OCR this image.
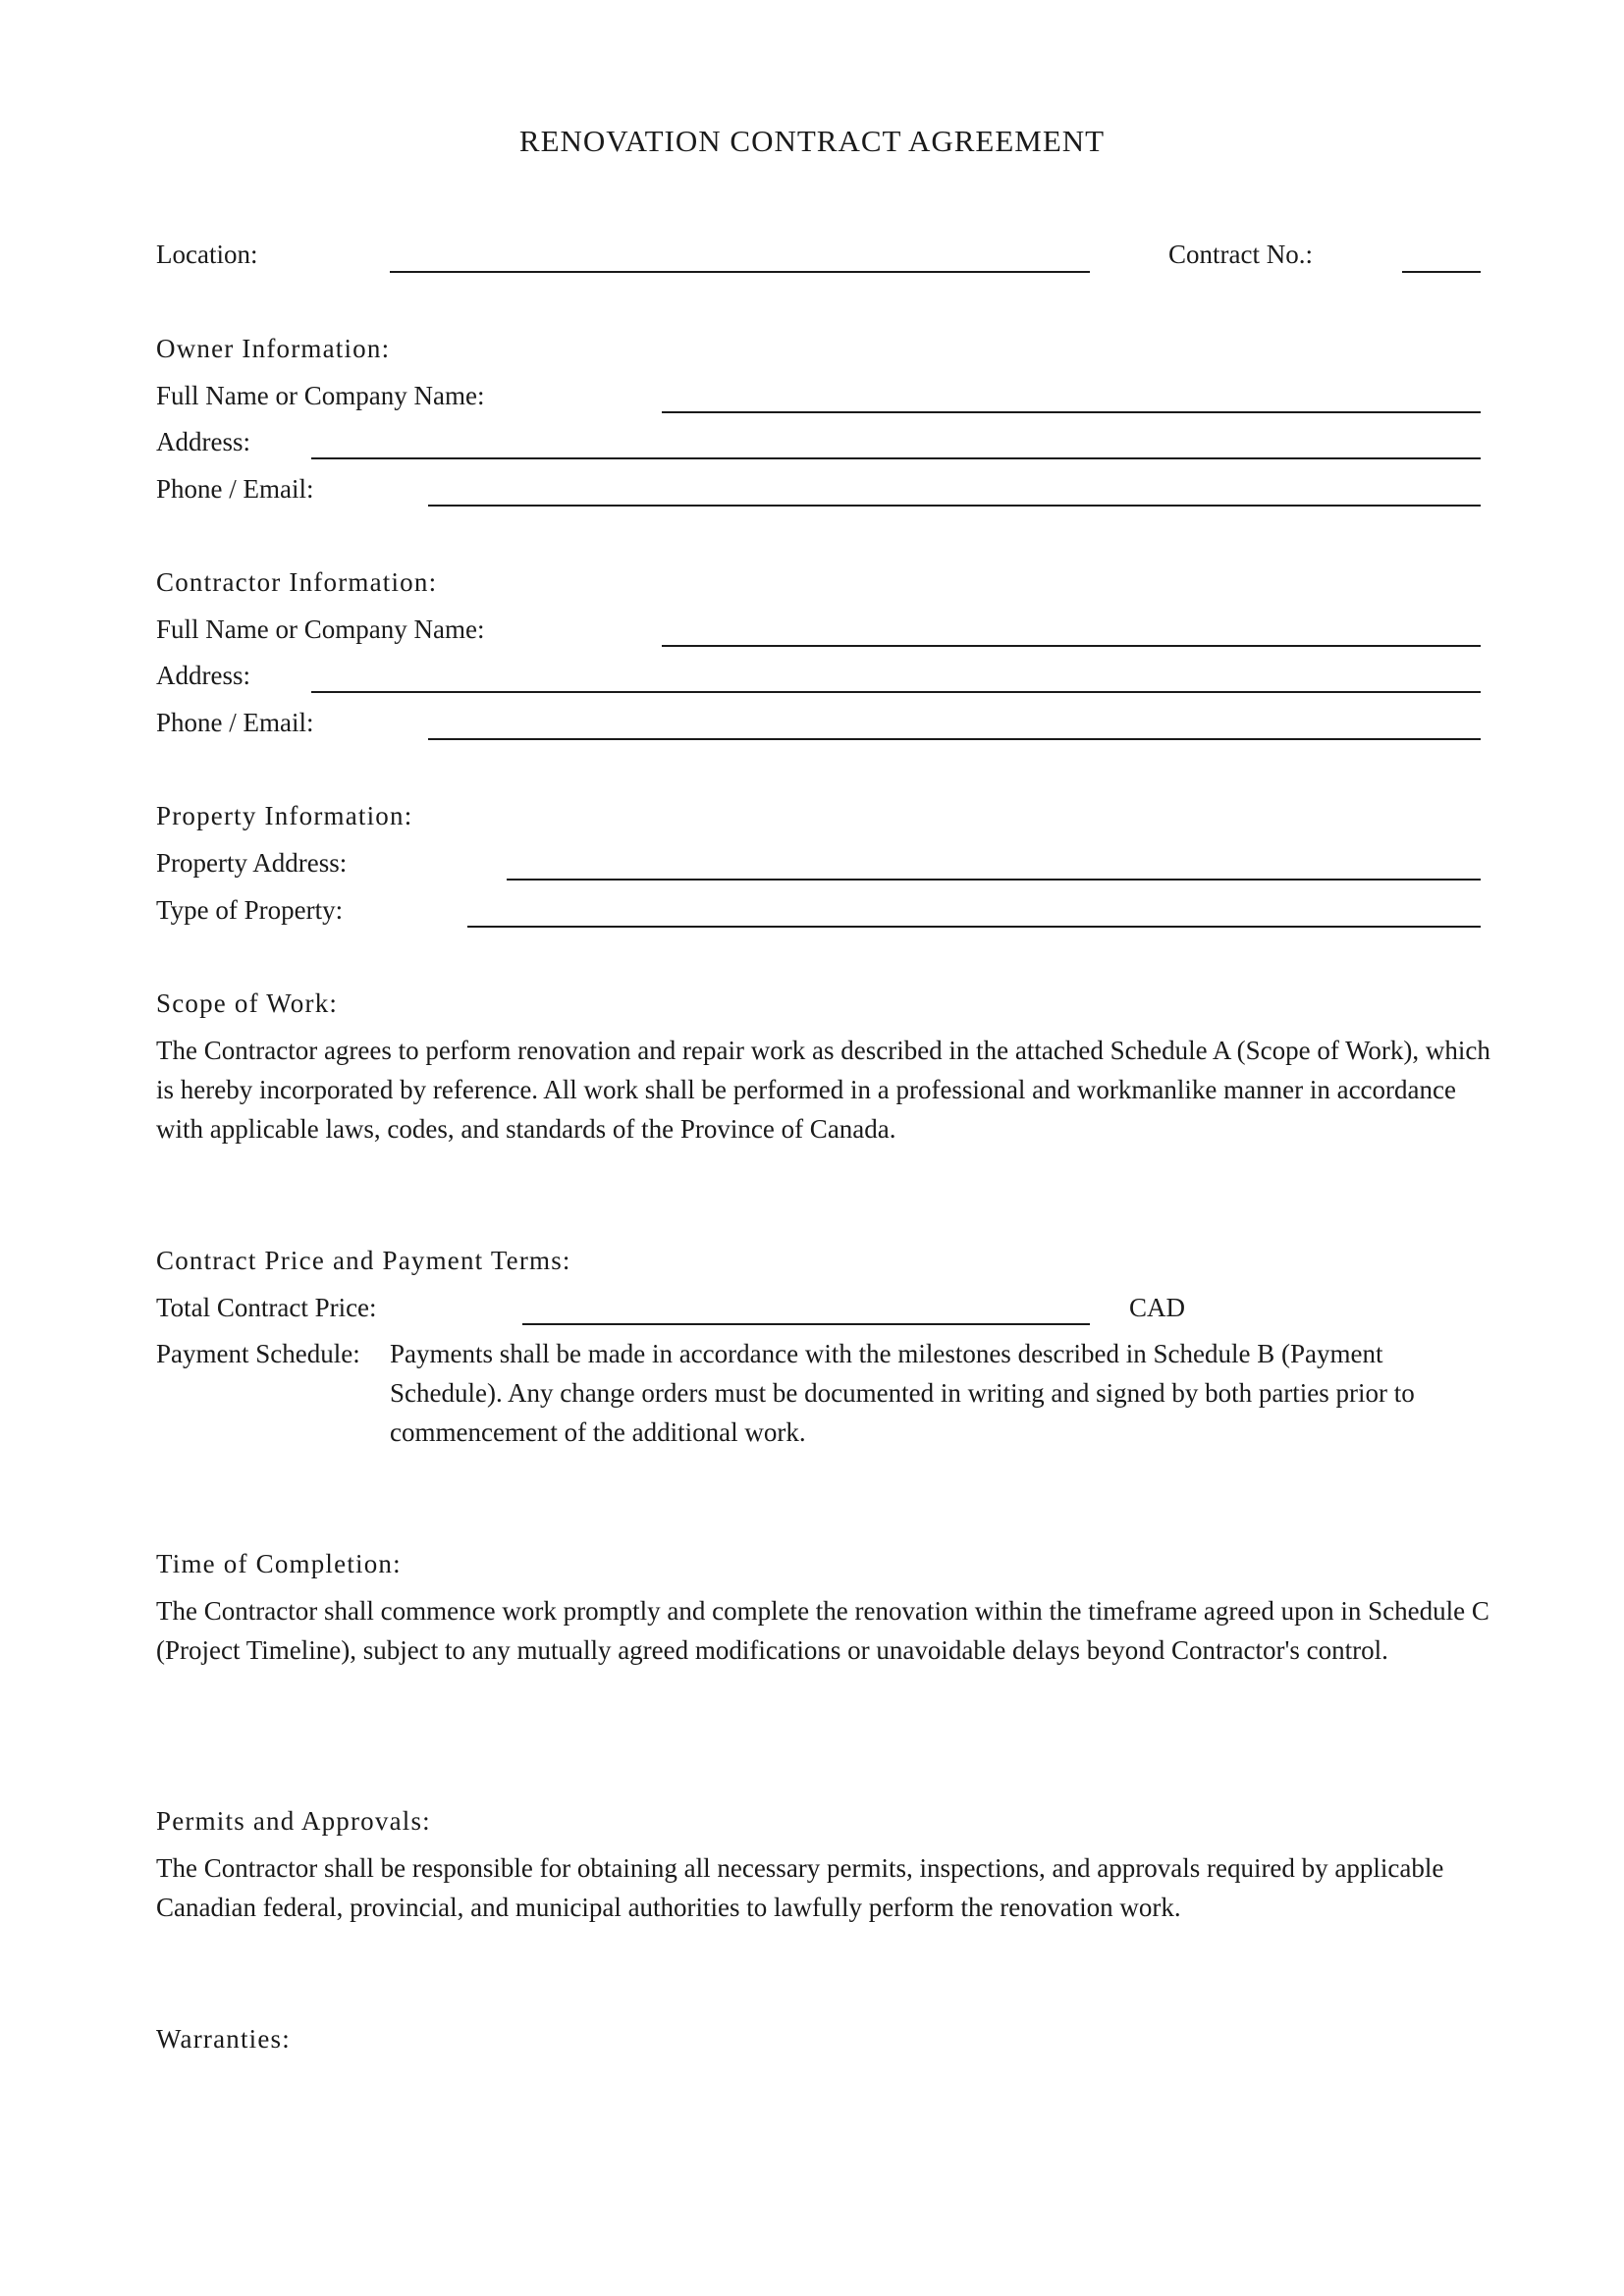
RENOVATION CONTRACT AGREEMENT
Location:	Contract No.:
Owner Information:
Full Name or Company Name:
Address:
Phone / Email:
Contractor Information:
Full Name or Company Name:
Address:
Phone / Email:
Property Information:
Property Address:
Type of Property:
Scope of Work:
The Contractor agrees to perform renovation and repair work as described in the attached Schedule A (Scope of Work), which is hereby incorporated by reference. All work shall be performed in a professional and workmanlike manner in accordance with applicable laws, codes, and standards of the Province of Canada.
Contract Price and Payment Terms:
Total Contract Price:	CAD
Payment Schedule: Payments shall be made in accordance with the milestones described in Schedule B (Payment Schedule). Any change orders must be documented in writing and signed by both parties prior to commencement of the additional work.
Time of Completion:
The Contractor shall commence work promptly and complete the renovation within the timeframe agreed upon in Schedule C (Project Timeline), subject to any mutually agreed modifications or unavoidable delays beyond Contractor's control.
Permits and Approvals:
The Contractor shall be responsible for obtaining all necessary permits, inspections, and approvals required by applicable Canadian federal, provincial, and municipal authorities to lawfully perform the renovation work.
Warranties:
